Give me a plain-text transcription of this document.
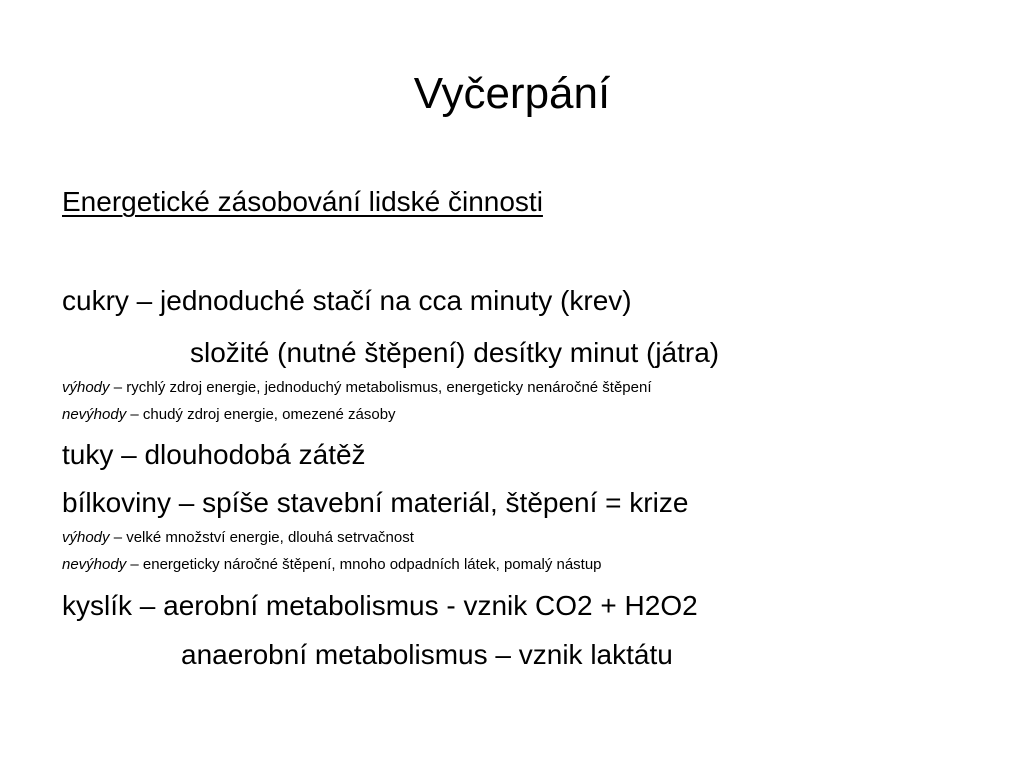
Vyčerpání

Energetické zásobování lidské činnosti

cukry – jednoduché stačí na cca minuty (krev)

složité (nutné štěpení) desítky minut (játra)

výhody – rychlý zdroj energie, jednoduchý metabolismus, energeticky nenáročné štěpení

nevýhody – chudý zdroj energie, omezené zásoby

tuky – dlouhodobá zátěž

bílkoviny – spíše stavební materiál, štěpení = krize

výhody – velké množství energie, dlouhá setrvačnost

nevýhody – energeticky náročné štěpení, mnoho odpadních látek, pomalý nástup

kyslík – aerobní metabolismus - vznik CO2 + H2O2

anaerobní metabolismus – vznik laktátu
